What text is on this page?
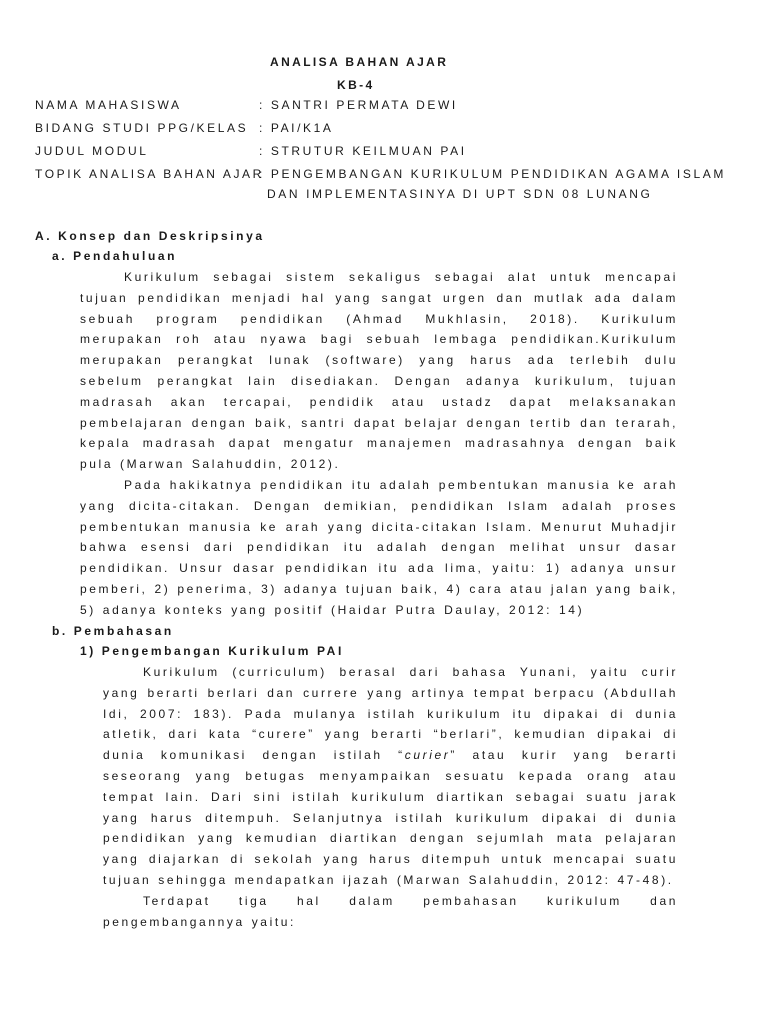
ANALISA BAHAN AJAR
KB-4
NAMA MAHASISWA	: SANTRI PERMATA DEWI
BIDANG STUDI PPG/KELAS : PAI/K1A
JUDUL MODUL	: STRUTUR KEILMUAN PAI
TOPIK ANALISA BAHAN AJAR
: PENGEMBANGAN KURIKULUM PENDIDIKAN AGAMA ISLAM
DAN IMPLEMENTASINYA DI UPT SDN 08 LUNANG
A. Konsep dan Deskripsinya
a. Pendahuluan

Kurikulum sebagai sistem sekaligus sebagai alat untuk mencapai tujuan pendidikan menjadi hal yang sangat urgen dan mutlak ada dalam sebuah program pendidikan (Ahmad Mukhlasin, 2018). Kurikulum merupakan roh atau nyawa bagi sebuah lembaga pendidikan.Kurikulum merupakan perangkat lunak (software) yang harus ada terlebih dulu sebelum perangkat lain disediakan. Dengan adanya kurikulum, tujuan madrasah akan tercapai, pendidik atau ustadz dapat melaksanakan pembelajaran dengan baik, santri dapat belajar dengan tertib dan terarah, kepala madrasah dapat mengatur manajemen madrasahnya dengan baik pula (Marwan Salahuddin, 2012).

Pada hakikatnya pendidikan itu adalah pembentukan manusia ke arah yang dicita-citakan. Dengan demikian, pendidikan Islam adalah proses pembentukan manusia ke arah yang dicita-citakan Islam. Menurut Muhadjir bahwa esensi dari pendidikan itu adalah dengan melihat unsur dasar pendidikan. Unsur dasar pendidikan itu ada lima, yaitu: 1) adanya unsur pemberi, 2) penerima, 3) adanya tujuan baik, 4) cara atau jalan yang baik, 5) adanya konteks yang positif (Haidar Putra Daulay, 2012: 14)

b. Pembahasan
1) Pengembangan Kurikulum PAI

Kurikulum (curriculum) berasal dari bahasa Yunani, yaitu curir yang berarti berlari dan currere yang artinya tempat berpacu (Abdullah Idi, 2007: 183). Pada mulanya istilah kurikulum itu dipakai di dunia atletik, dari kata “curere” yang berarti “berlari”, kemudian dipakai di dunia komunikasi dengan istilah “curier” atau kurir yang berarti seseorang yang betugas menyampaikan sesuatu kepada orang atau tempat lain. Dari sini istilah kurikulum diartikan sebagai suatu jarak yang harus ditempuh. Selanjutnya istilah kurikulum dipakai di dunia pendidikan yang kemudian diartikan dengan sejumlah mata pelajaran yang diajarkan di sekolah yang harus ditempuh untuk mencapai suatu tujuan sehingga mendapatkan ijazah (Marwan Salahuddin, 2012: 47-48).

Terdapat tiga hal dalam pembahasan kurikulum dan pengembangannya yaitu:
